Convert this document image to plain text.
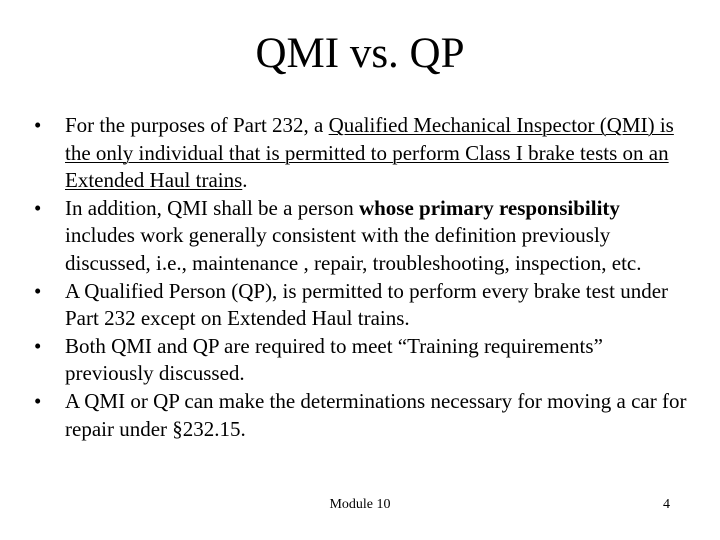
QMI vs. QP
•	For the purposes of Part 232, a Qualified Mechanical Inspector (QMI) is the only individual that is permitted to perform Class I brake tests on an Extended Haul trains.
•	In addition, QMI shall be a person whose primary responsibility includes work generally consistent with the definition previously discussed, i.e., maintenance , repair, troubleshooting, inspection, etc.
•	A Qualified Person (QP), is permitted to perform every brake test under Part 232 except on Extended Haul trains.
•	Both QMI and QP are required to meet “Training requirements” previously discussed.
•	A QMI or QP can make the determinations necessary for moving a car for repair under §232.15.
Module 10	4
